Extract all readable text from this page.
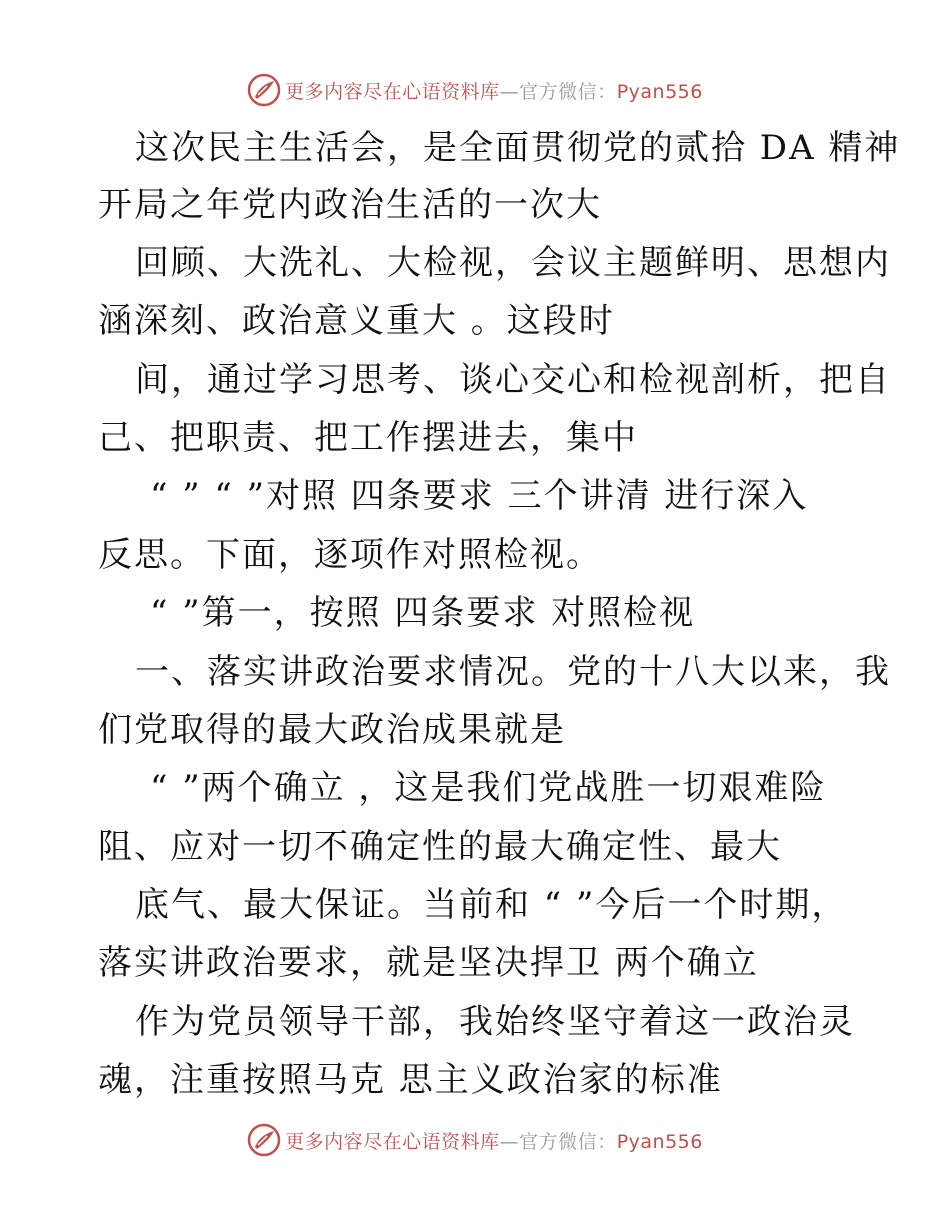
更多内容尽在心语资料库—官方微信：Pyan556
这次民主生活会，是全面贯彻党的贰拾 DA 精神
开局之年党内政治生活的一次大
回顾、大洗礼、大检视，会议主题鲜明、思想内
涵深刻、政治意义重大 。这段时
间，通过学习思考、谈心交心和检视剖析，把自
己、把职责、把工作摆进去，集中
“ ” “ ”对照 四条要求 三个讲清 进行深入
反思。下面，逐项作对照检视。
“ ”第一，按照 四条要求 对照检视
一、落实讲政治要求情况。党的十八大以来，我
们党取得的最大政治成果就是
“ ”两个确立 ，这是我们党战胜一切艰难险
阻、应对一切不确定性的最大确定性、最大
底气、最大保证。当前和 “ ”今后一个时期，
落实讲政治要求，就是坚决捍卫 两个确立
作为党员领导干部，我始终坚守着这一政治灵
魂，注重按照马克 思主义政治家的标准
更多内容尽在心语资料库—官方微信：Pyan556
